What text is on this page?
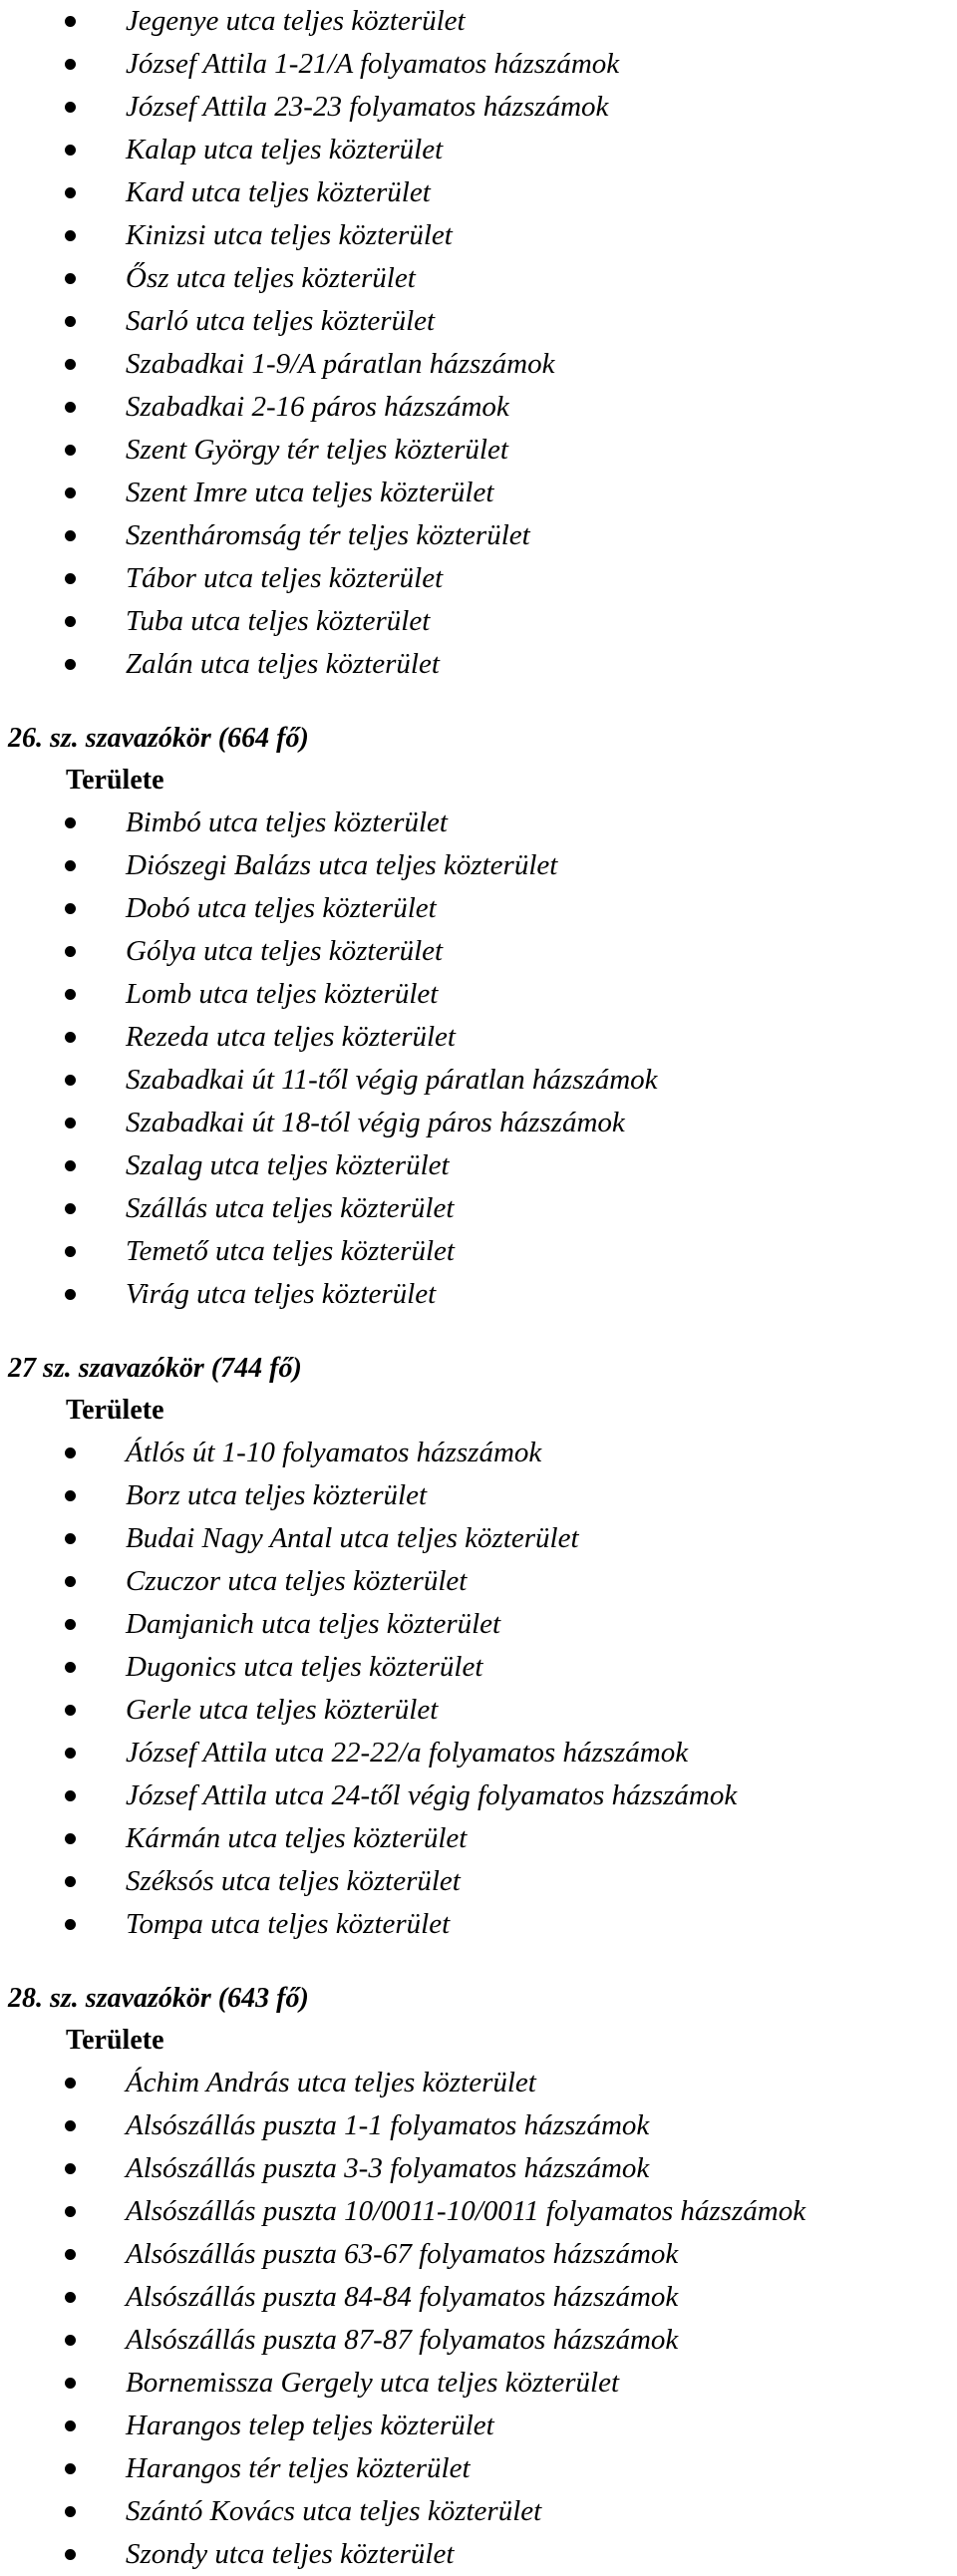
Jegenye utca teljes közterület
József Attila 1-21/A folyamatos házszámok
József Attila 23-23 folyamatos házszámok
Kalap utca teljes közterület
Kard utca teljes közterület
Kinizsi utca teljes közterület
Ősz utca teljes közterület
Sarló utca teljes közterület
Szabadkai 1-9/A páratlan házszámok
Szabadkai 2-16 páros házszámok
Szent György tér teljes közterület
Szent Imre utca teljes közterület
Szentháromság tér teljes közterület
Tábor utca teljes közterület
Tuba utca teljes közterület
Zalán utca teljes közterület
26. sz. szavazókör (664 fő)
Területe
Bimbó utca teljes közterület
Diószegi Balázs utca teljes közterület
Dobó utca teljes közterület
Gólya utca teljes közterület
Lomb utca teljes közterület
Rezeda utca teljes közterület
Szabadkai út 11-től végig páratlan házszámok
Szabadkai út 18-tól végig páros házszámok
Szalag utca teljes közterület
Szállás utca teljes közterület
Temető utca teljes közterület
Virág utca teljes közterület
27 sz. szavazókör (744 fő)
Területe
Átlós út 1-10 folyamatos házszámok
Borz utca teljes közterület
Budai Nagy Antal utca teljes közterület
Czuczor utca teljes közterület
Damjanich utca teljes közterület
Dugonics utca teljes közterület
Gerle utca teljes közterület
József Attila utca 22-22/a folyamatos házszámok
József Attila utca 24-től végig folyamatos házszámok
Kármán utca teljes közterület
Széksós utca teljes közterület
Tompa utca teljes közterület
28. sz. szavazókör (643 fő)
Területe
Áchim András utca teljes közterület
Alsószállás puszta 1-1 folyamatos házszámok
Alsószállás puszta 3-3 folyamatos házszámok
Alsószállás puszta 10/0011-10/0011 folyamatos házszámok
Alsószállás puszta 63-67 folyamatos házszámok
Alsószállás puszta 84-84 folyamatos házszámok
Alsószállás puszta 87-87 folyamatos házszámok
Bornemissza Gergely utca teljes közterület
Harangos telep teljes közterület
Harangos tér teljes közterület
Szántó Kovács utca teljes közterület
Szondy utca teljes közterület
